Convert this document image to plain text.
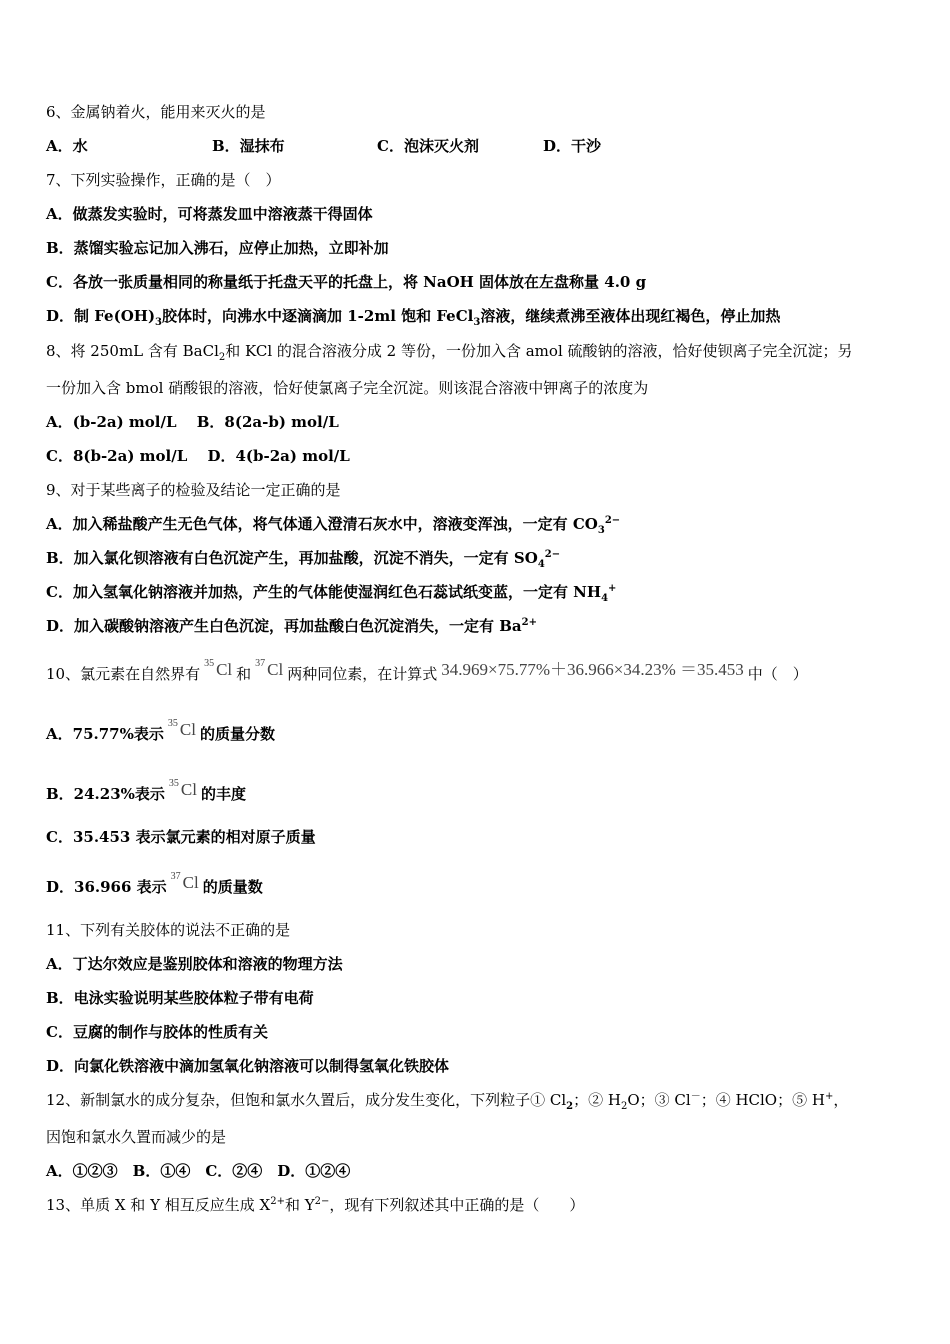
6、金属钠着火，能用来灭火的是
A．水	B．湿抹布	C．泡沫灭火剂	D．干沙
7、下列实验操作，正确的是（　）
A．做蒸发实验时，可将蒸发皿中溶液蒸干得固体
B．蒸馏实验忘记加入沸石，应停止加热，立即补加
C．各放一张质量相同的称量纸于托盘天平的托盘上，将 NaOH 固体放在左盘称量 4.0 g
D．制 $Fe(OH)_3$胶体时，向沸水中逐滴滴加 1-2ml 饱和 FeCl$_3$溶液，继续煮沸至液体出现红褐色，停止加热
8、将 250mL 含有 BaCl$_2$和 KCl 的混合溶液分成 2 等份，一份加入含 amol 硫酸钠的溶液，恰好使钡离子完全沉淀；另
一份加入含 bmol 硝酸银的溶液，恰好使氯离子完全沉淀。则该混合溶液中钾离子的浓度为
A．(b-2a) mol/L　 B．8(2a-b) mol/L
C．8(b-2a) mol/L　 D．4(b-2a) mol/L
9、对于某些离子的检验及结论一定正确的是
A．加入稀盐酸产生无色气体，将气体通入澄清石灰水中，溶液变浑浊，一定有 $CO_3^{2-}$
B．加入氯化钡溶液有白色沉淀产生，再加盐酸，沉淀不消失，一定有 $SO_4^{2-}$
C．加入氢氧化钠溶液并加热，产生的气体能使湿润红色石蕊试纸变蓝，一定有 $NH_4^+$
D．加入碳酸钠溶液产生白色沉淀，再加盐酸白色沉淀消失，一定有 $Ba^{2+}$
10、氯元素在自然界有
35 Cl 和
37 Cl 两种同位素，在计算式 34.969×75.77%＋36.966×34.23% ＝35.453 中（　）
A．75.77%表示
35 Cl 的质量分数
B．24.23%表示
35 Cl 的丰度
C．35.453 表示氯元素的相对原子质量
D．36.966 表示
37 Cl 的质量数
11、下列有关胶体的说法不正确的是
A．丁达尔效应是鉴别胶体和溶液的物理方法
B．电泳实验说明某些胶体粒子带有电荷
C．豆腐的制作与胶体的性质有关
D．向氯化铁溶液中滴加氢氧化钠溶液可以制得氢氧化铁胶体
12、新制氯水的成分复杂，但饱和氯水久置后，成分发生变化，下列粒子① $Cl_2$；② $H_2O$；③ Cl－；④ HClO；⑤ H+，
因饱和氯水久置而减少的是
A．①②③　B．①④　C．②④　D．①②④
13、单质 X 和 Y 相互反应生成 $X^{2+}$和 $Y^{2-}$，现有下列叙述其中正确的是（　　）
